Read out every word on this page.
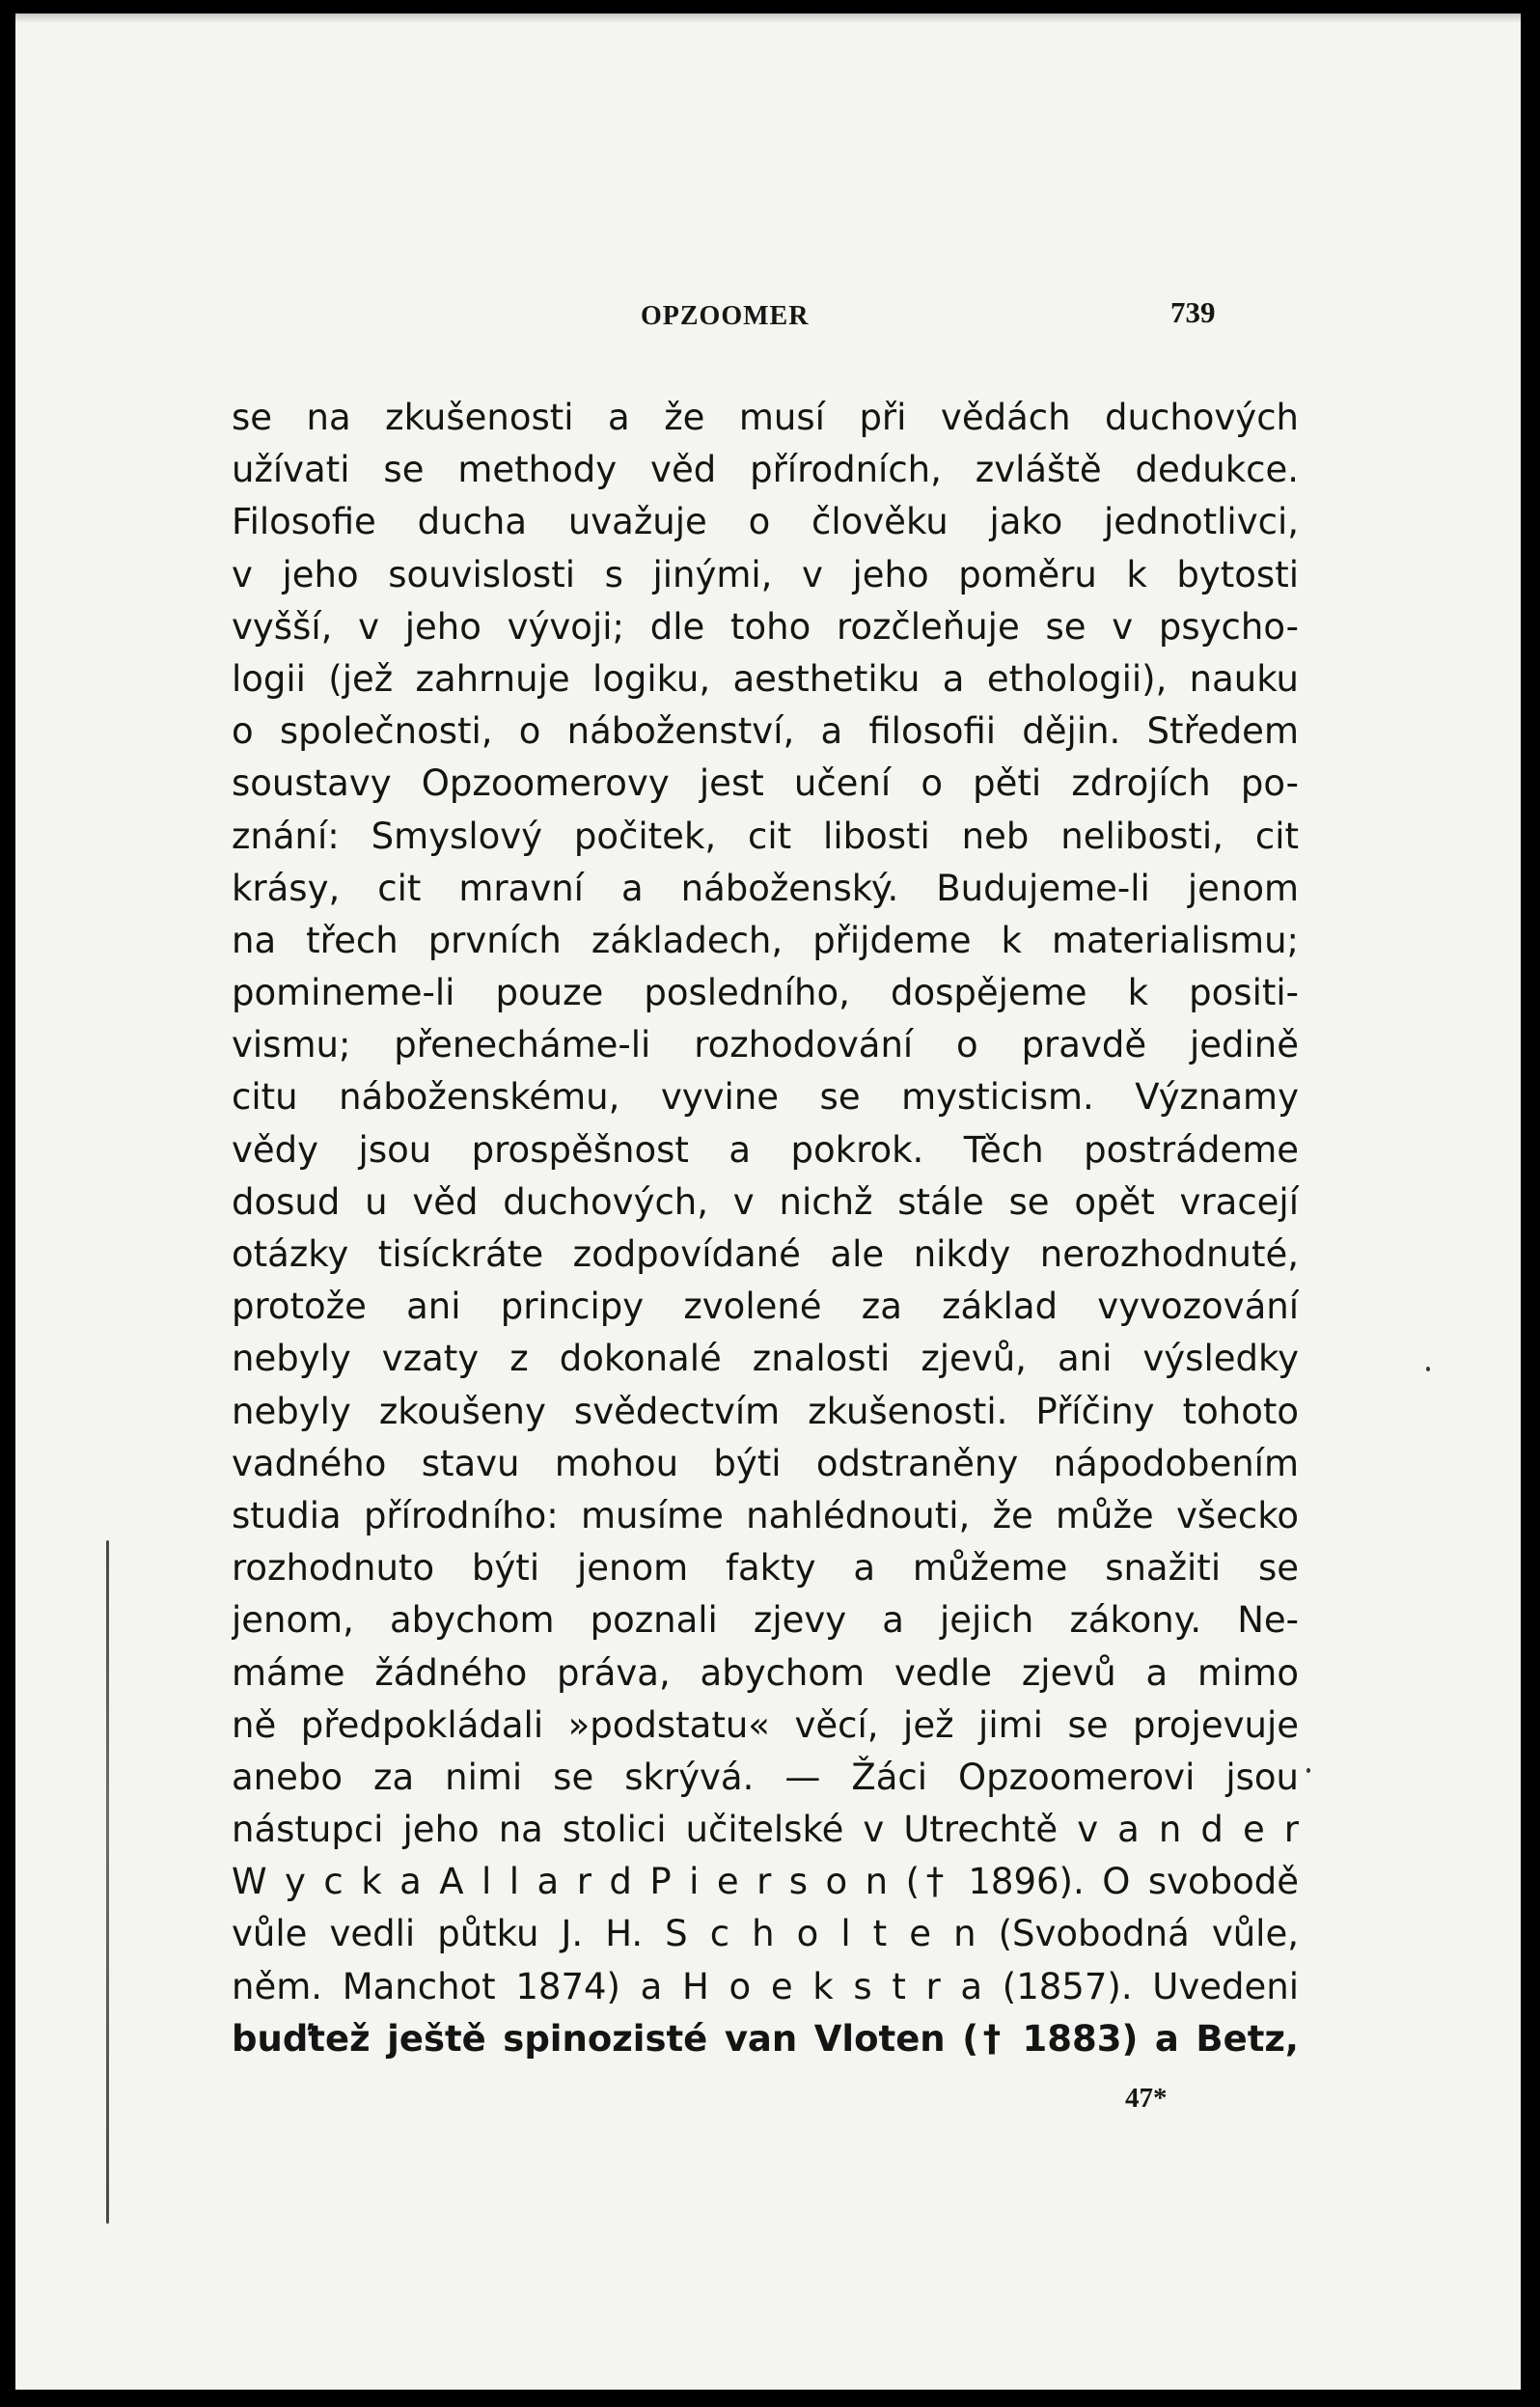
OPZOOMER	739
se na zkušenosti a že musí při vědách duchových
užívati se methody věd přírodních, zvláště dedukce.
Filosofie ducha uvažuje o člověku jako jednotlivci,
v jeho souvislosti s jinými, v jeho poměru k bytosti
vyšší, v jeho vývoji; dle toho rozčleňuje se v psycho-
logii (jež zahrnuje logiku, aesthetiku a ethologii), nauku
o společnosti, o náboženství, a filosofii dějin. Středem
soustavy Opzoomerovy jest učení o pěti zdrojích po-
znání: Smyslový počitek, cit libosti neb nelibosti, cit
krásy, cit mravní a náboženský. Budujeme-li jenom
na třech prvních základech, přijdeme k materialismu;
pomineme-li pouze posledního, dospějeme k positi-
vismu; přenecháme-li rozhodování o pravdě jedině
citu náboženskému, vyvine se mysticism. Významy
vědy jsou prospěšnost a pokrok. Těch postrádeme
dosud u věd duchových, v nichž stále se opět vracejí
otázky tisíckráte zodpovídané ale nikdy nerozhodnuté,
protože ani principy zvolené za základ vyvozování
nebyly vzaty z dokonalé znalosti zjevů, ani výsledky
nebyly zkoušeny svědectvím zkušenosti. Příčiny tohoto
vadného stavu mohou býti odstraněny nápodobením
studia přírodního: musíme nahlédnouti, že může všecko
rozhodnuto býti jenom fakty a můžeme snažiti se
jenom, abychom poznali zjevy a jejich zákony. Ne-
máme žádného práva, abychom vedle zjevů a mimo
ně předpokládali »podstatu« věcí, jež jimi se projevuje
anebo za nimi se skrývá. — Žáci Opzoomerovi jsou
nástupci jeho na stolici učitelské v Utrechtě v a n d e r
W y c k a A l l a r d P i e r s o n († 1896). O svobodě
vůle vedli půtku J. H. S c h o l t e n (Svobodná vůle,
něm. Manchot 1874) a H o e k s t r a (1857). Uvedeni
buďtež ještě spinozisté van Vloten († 1883) a Betz,
47*
